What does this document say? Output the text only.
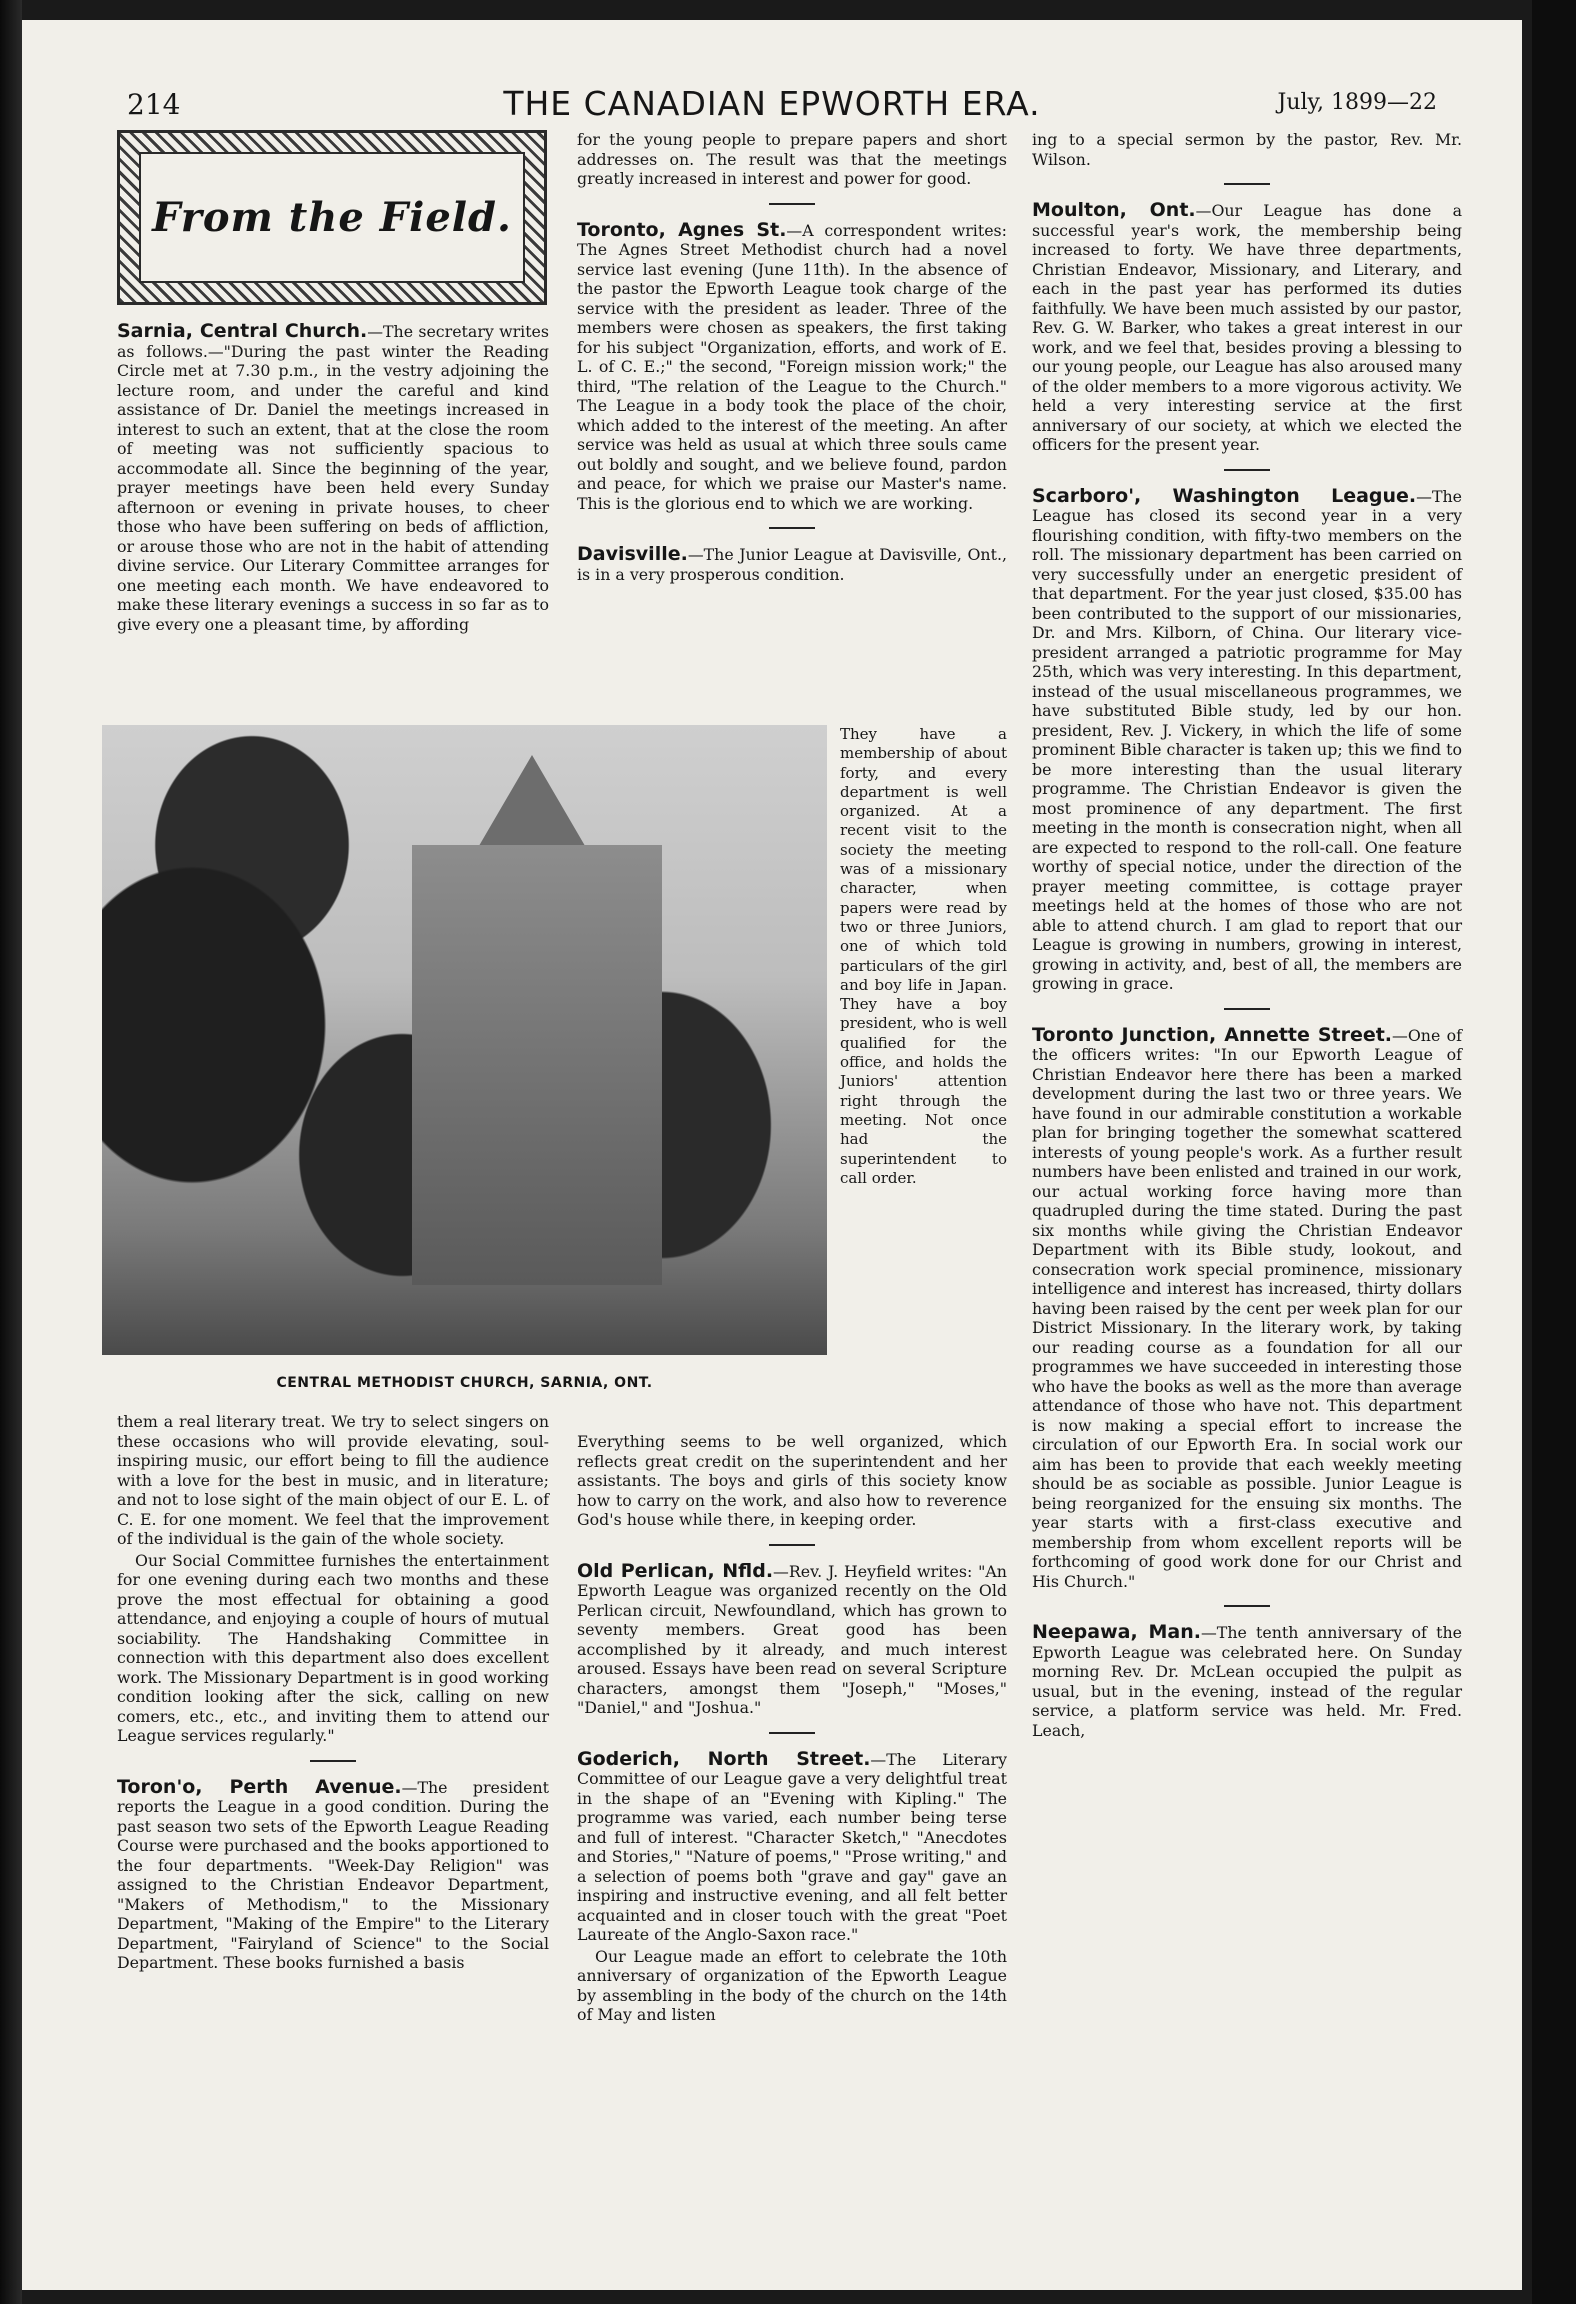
214	THE CANADIAN EPWORTH ERA.	July, 1899—22
From the Field.

Sarnia, Central Church.—The secretary writes as follows.—"During the past winter the Reading Circle met at 7.30 p.m., in the vestry adjoining the lecture room, and under the careful and kind assistance of Dr. Daniel the meetings increased in interest to such an extent, that at the close the room of meeting was not sufficiently spacious to accommodate all. Since the beginning of the year, prayer meetings have been held every Sunday afternoon or evening in private houses, to cheer those who have been suffering on beds of affliction, or arouse those who are not in the habit of attending divine service. Our Literary Committee arranges for one meeting each month. We have endeavored to make these literary evenings a success in so far as to give every one a pleasant time, by affording

them a real literary treat. We try to select singers on these occasions who will provide elevating, soul-inspiring music, our effort being to fill the audience with a love for the best in music, and in literature; and not to lose sight of the main object of our E. L. of C. E. for one moment. We feel that the improvement of the individual is the gain of the whole society.

Our Social Committee furnishes the entertainment for one evening during each two months and these prove the most effectual for obtaining a good attendance, and enjoying a couple of hours of mutual sociability. The Handshaking Committee in connection with this department also does excellent work. The Missionary Department is in good working condition looking after the sick, calling on new comers, etc., etc., and inviting them to attend our League services regularly."

Toron'o, Perth Avenue.—The president reports the League in a good condition. During the past season two sets of the Epworth League Reading Course were purchased and the books apportioned to the four departments. "Week-Day Religion" was assigned to the Christian Endeavor Department, "Makers of Methodism," to the Missionary Department, "Making of the Empire" to the Literary Department, "Fairyland of Science" to the Social Department. These books furnished a basis

for the young people to prepare papers and short addresses on. The result was that the meetings greatly increased in interest and power for good.

Toronto, Agnes St.—A correspondent writes: The Agnes Street Methodist church had a novel service last evening (June 11th). In the absence of the pastor the Epworth League took charge of the service with the president as leader. Three of the members were chosen as speakers, the first taking for his subject "Organization, efforts, and work of E. L. of C. E.;" the second, "Foreign mission work;" the third, "The relation of the League to the Church." The League in a body took the place of the choir, which added to the interest of the meeting. An after service was held as usual at which three souls came out boldly and sought, and we believe found, pardon and peace, for which we praise our Master's name. This is the glorious end to which we are working.

Davisville.—The Junior League at Davisville, Ont., is in a very prosperous condition.

CENTRAL METHODIST CHURCH, SARNIA, ONT.

They have a membership of about forty, and every department is well organized. At a recent visit to the society the meeting was of a missionary character, when papers were read by two or three Juniors, one of which told particulars of the girl and boy life in Japan. They have a boy president, who is well qualified for the office, and holds the Juniors' attention right through the meeting. Not once had the superintendent to call order.

Everything seems to be well organized, which reflects great credit on the superintendent and her assistants. The boys and girls of this society know how to carry on the work, and also how to reverence God's house while there, in keeping order.

Old Perlican, Nfld.—Rev. J. Heyfield writes: "An Epworth League was organized recently on the Old Perlican circuit, Newfoundland, which has grown to seventy members. Great good has been accomplished by it already, and much interest aroused. Essays have been read on several Scripture characters, amongst them "Joseph," "Moses," "Daniel," and "Joshua."

Goderich, North Street.—The Literary Committee of our League gave a very delightful treat in the shape of an "Evening with Kipling." The programme was varied, each number being terse and full of interest. "Character Sketch," "Anecdotes and Stories," "Nature of poems," "Prose writing," and a selection of poems both "grave and gay" gave an inspiring and instructive evening, and all felt better acquainted and in closer touch with the great "Poet Laureate of the Anglo-Saxon race."

Our League made an effort to celebrate the 10th anniversary of organization of the Epworth League by assembling in the body of the church on the 14th of May and listen

ing to a special sermon by the pastor, Rev. Mr. Wilson.

Moulton, Ont.—Our League has done a successful year's work, the membership being increased to forty. We have three departments, Christian Endeavor, Missionary, and Literary, and each in the past year has performed its duties faithfully. We have been much assisted by our pastor, Rev. G. W. Barker, who takes a great interest in our work, and we feel that, besides proving a blessing to our young people, our League has also aroused many of the older members to a more vigorous activity. We held a very interesting service at the first anniversary of our society, at which we elected the officers for the present year.

Scarboro', Washington League.—The League has closed its second year in a very flourishing condition, with fifty-two members on the roll. The missionary department has been carried on very successfully under an energetic president of that department. For the year just closed, $35.00 has been contributed to the support of our missionaries, Dr. and Mrs. Kilborn, of China. Our literary vice-president arranged a patriotic programme for May 25th, which was very interesting. In this department, instead of the usual miscellaneous programmes, we have substituted Bible study, led by our hon. president, Rev. J. Vickery, in which the life of some prominent Bible character is taken up; this we find to be more interesting than the usual literary programme. The Christian Endeavor is given the most prominence of any department. The first meeting in the month is consecration night, when all are expected to respond to the roll-call. One feature worthy of special notice, under the direction of the prayer meeting committee, is cottage prayer meetings held at the homes of those who are not able to attend church. I am glad to report that our League is growing in numbers, growing in interest, growing in activity, and, best of all, the members are growing in grace.

Toronto Junction, Annette Street.—One of the officers writes: "In our Epworth League of Christian Endeavor here there has been a marked development during the last two or three years. We have found in our admirable constitution a workable plan for bringing together the somewhat scattered interests of young people's work. As a further result numbers have been enlisted and trained in our work, our actual working force having more than quadrupled during the time stated. During the past six months while giving the Christian Endeavor Department with its Bible study, lookout, and consecration work special prominence, missionary intelligence and interest has increased, thirty dollars having been raised by the cent per week plan for our District Missionary. In the literary work, by taking our reading course as a foundation for all our programmes we have succeeded in interesting those who have the books as well as the more than average attendance of those who have not. This department is now making a special effort to increase the circulation of our Epworth Era. In social work our aim has been to provide that each weekly meeting should be as sociable as possible. Junior League is being reorganized for the ensuing six months. The year starts with a first-class executive and membership from whom excellent reports will be forthcoming of good work done for our Christ and His Church."

Neepawa, Man.—The tenth anniversary of the Epworth League was celebrated here. On Sunday morning Rev. Dr. McLean occupied the pulpit as usual, but in the evening, instead of the regular service, a platform service was held. Mr. Fred. Leach,
